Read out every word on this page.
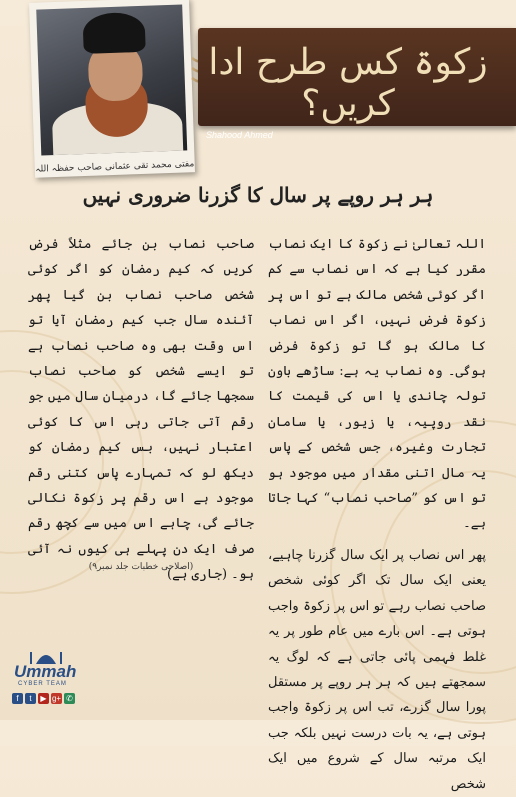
مفتی محمد تقی عثمانی صاحب حفظہ اللہ
زکوۃ کس طرح ادا کریں؟
Shahood Ahmed
ہر ہر روپے پر سال کا گزرنا ضروری نہیں

اللہ تعالیٰ نے زکوۃ کا ایک نصاب مقرر کیا ہے کہ اس نصاب سے کم اگر کوئی شخص مالک ہے تو اس پر زکوۃ فرض نہیں، اگر اس نصاب کا مالک ہو گا تو زکوۃ فرض ہوگی۔ وہ نصاب یہ ہے: ساڑھے باون تولہ چاندی یا اس کی قیمت کا نقد روپیہ، یا زیور، یا سامان تجارت وغیرہ، جس شخص کے پاس یہ مال اتنی مقدار میں موجود ہو تو اس کو ”صاحب نصاب“ کہا جاتا ہے۔

پھر اس نصاب پر ایک سال گزرنا چاہیے، یعنی ایک سال تک اگر کوئی شخص صاحب نصاب رہے تو اس پر زکوۃ واجب ہوتی ہے۔ اس بارے میں عام طور پر یہ غلط فہمی پائی جاتی ہے کہ لوگ یہ سمجھتے ہیں کہ ہر ہر روپے پر مستقل پورا سال گزرے، تب اس پر زکوۃ واجب ہوتی ہے، یہ بات درست نہیں بلکہ جب ایک مرتبہ سال کے شروع میں ایک شخص

صاحب نصاب بن جائے مثلاً فرض کریں کہ کیم رمضان کو اگر کوئی شخص صاحب نصاب بن گیا پھر آئندہ سال جب کیم رمضان آیا تو اس وقت بھی وہ صاحب نصاب ہے تو ایسے شخص کو صاحب نصاب سمجھا جائے گا، درمیان سال میں جو رقم آتی جاتی رہی اس کا کوئی اعتبار نہیں، بس کیم رمضان کو دیکھ لو کہ تمہارے پاس کتنی رقم موجود ہے اس رقم پر زکوۃ نکالی جائے گی، چاہے اس میں سے کچھ رقم صرف ایک دن پہلے ہی کیوں نہ آئی ہو۔ (جاری ہے)

(اصلاحی خطبات جلد نمبر۹)
Ummah
CYBER TEAM
f	t	▶ g+ ✆
